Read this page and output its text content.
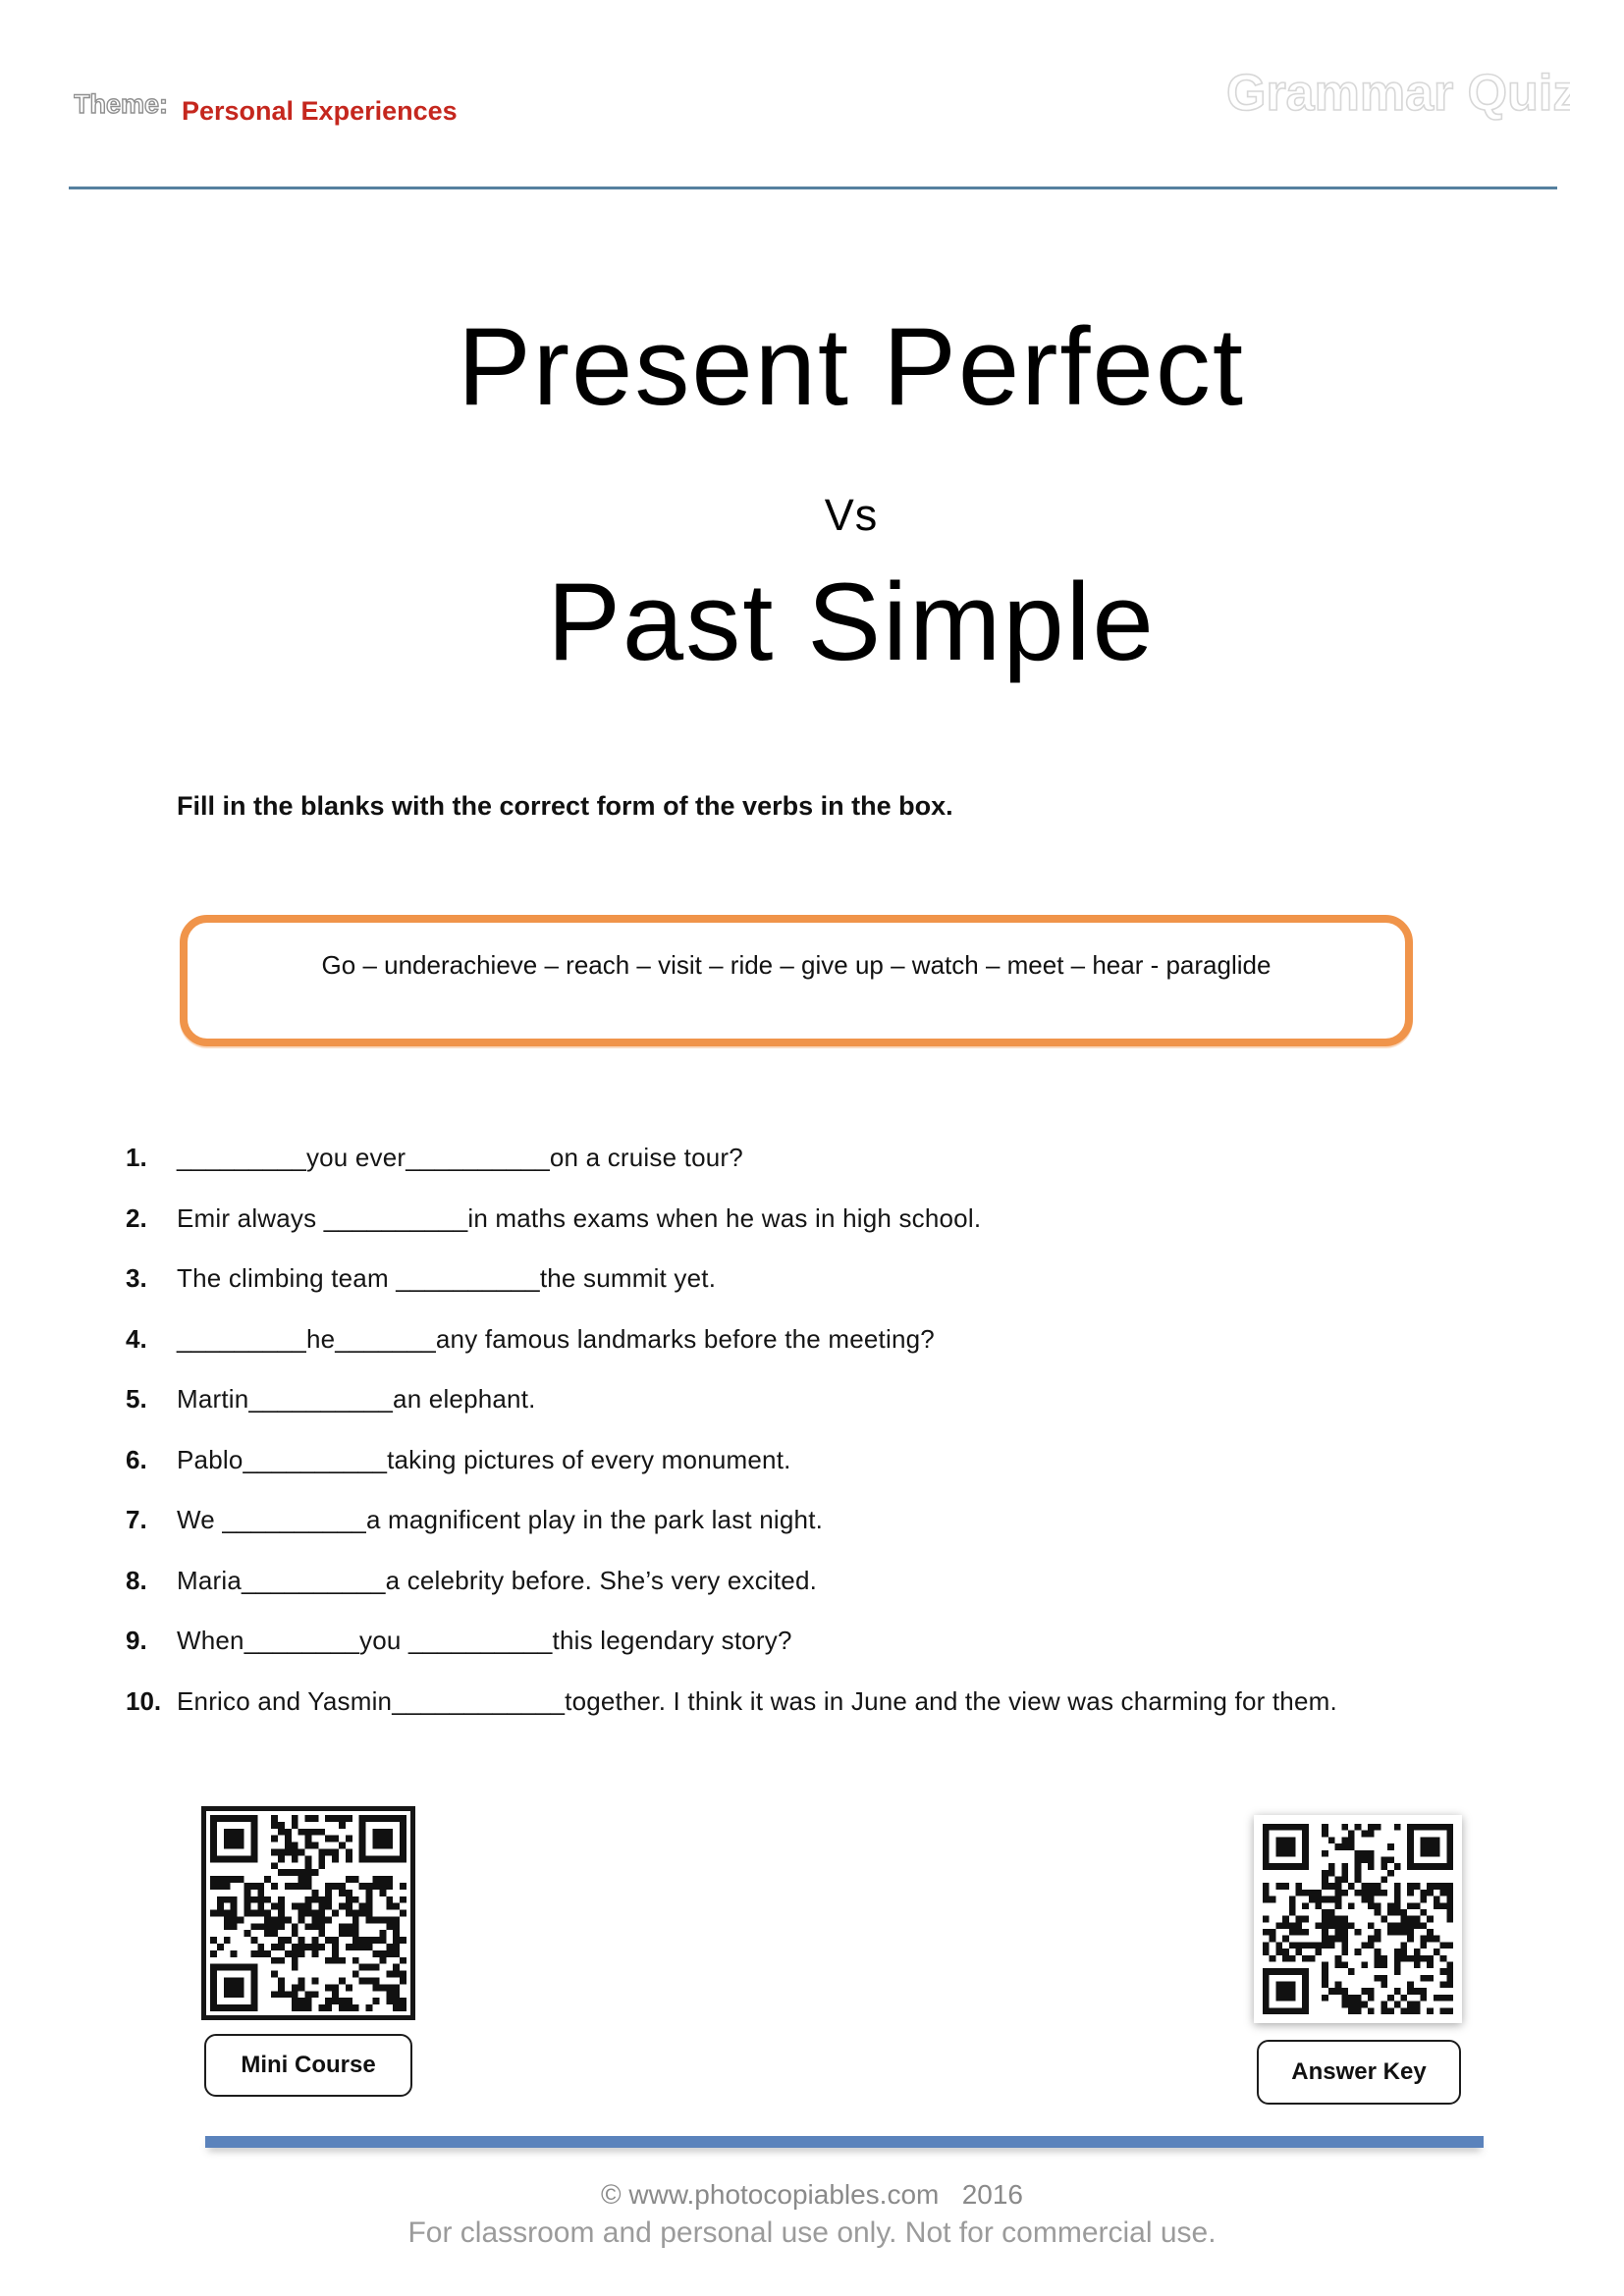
Theme: Personal Experiences	Grammar Quiz
Present Perfect
Vs
Past Simple
Fill in the blanks with the correct form of the verbs in the box.
Go – underachieve – reach – visit – ride – give up – watch – meet – hear - paraglide
1.	_________you ever__________on a cruise tour?
2.	Emir always __________in maths exams when he was in high school.
3.	The climbing team __________the summit yet.
4.	_________he_______any famous landmarks before the meeting?
5.	Martin__________an elephant.
6.	Pablo__________taking pictures of every monument.
7.	We __________a magnificent play in the park last night.
8.	Maria__________a celebrity before. She’s very excited.
9.	When________you __________this legendary story?
10. Enrico and Yasmin____________together. I think it was in June and the view was charming for them.
Mini Course	Answer Key
© www.photocopiables.com   2016
For classroom and personal use only. Not for commercial use.
